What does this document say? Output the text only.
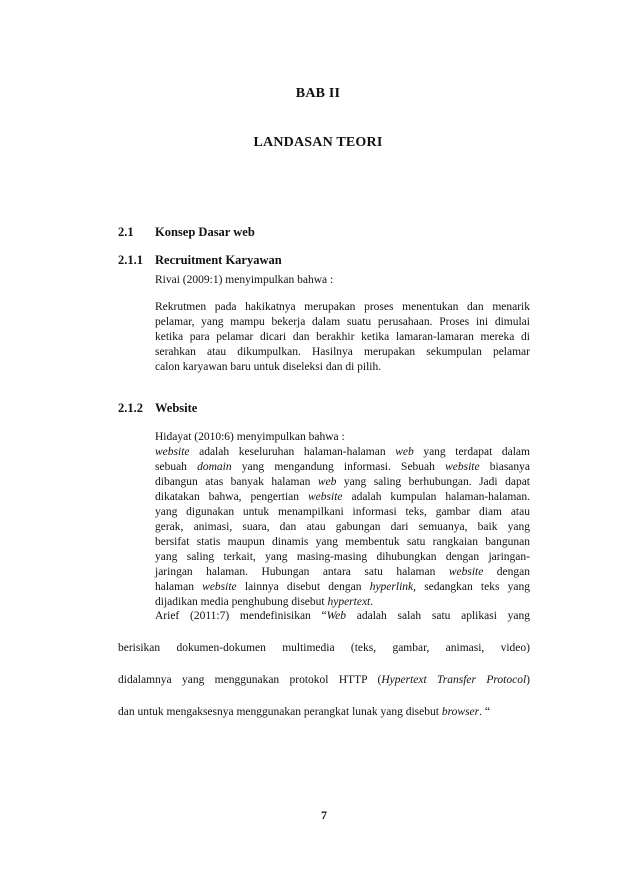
BAB II
LANDASAN TEORI
2.1 Konsep Dasar web
2.1.1 Recruitment Karyawan
Rivai (2009:1) menyimpulkan bahwa :
Rekrutmen pada hakikatnya merupakan proses menentukan dan menarik
pelamar, yang mampu bekerja dalam suatu perusahaan. Proses ini dimulai
ketika para pelamar dicari dan berakhir ketika lamaran-lamaran mereka di
serahkan atau dikumpulkan. Hasilnya merupakan sekumpulan pelamar
calon karyawan baru untuk diseleksi dan di pilih.
2.1.2 Website
Hidayat (2010:6) menyimpulkan bahwa :
website adalah keseluruhan halaman-halaman web yang terdapat dalam
sebuah domain yang mengandung informasi. Sebuah website biasanya
dibangun atas banyak halaman web yang saling berhubungan. Jadi dapat
dikatakan bahwa, pengertian website adalah kumpulan halaman-halaman.
yang digunakan untuk menampilkani informasi teks, gambar diam atau
gerak, animasi, suara, dan atau gabungan dari semuanya, baik yang
bersifat statis maupun dinamis yang membentuk satu rangkaian bangunan
yang saling terkait, yang masing-masing dihubungkan dengan jaringan-
jaringan halaman. Hubungan antara satu halaman website dengan
halaman website lainnya disebut dengan hyperlink, sedangkan teks yang
dijadikan media penghubung disebut hypertext.
Arief (2011:7) mendefinisikan “Web adalah salah satu aplikasi yang
berisikan dokumen-dokumen multimedia (teks, gambar, animasi, video)
didalamnya yang menggunakan protokol HTTP (Hypertext Transfer Protocol)
dan untuk mengaksesnya menggunakan perangkat lunak yang disebut browser. “
7
